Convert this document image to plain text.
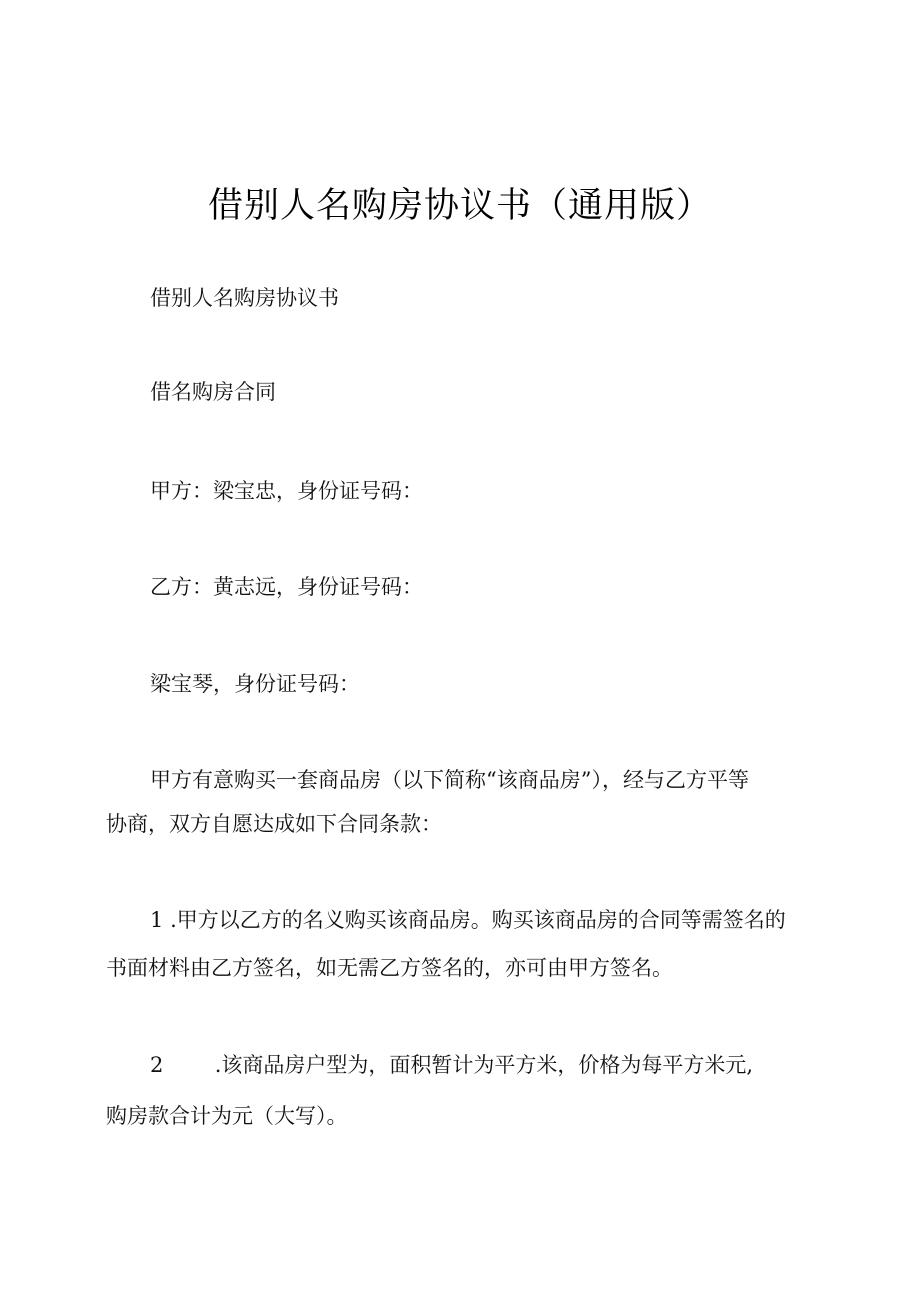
借别人名购房协议书（通用版）

借别人名购房协议书

借名购房合同

甲方：梁宝忠，身份证号码：

乙方：黄志远，身份证号码：

梁宝琴，身份证号码：

甲方有意购买一套商品房（以下简称“该商品房”），经与乙方平等

协商，双方自愿达成如下合同条款：

1 .甲方以乙方的名义购买该商品房。购买该商品房的合同等需签名的

书面材料由乙方签名，如无需乙方签名的，亦可由甲方签名。

2 .该商品房户型为，面积暂计为平方米，价格为每平方米元,

购房款合计为元（大写）。
